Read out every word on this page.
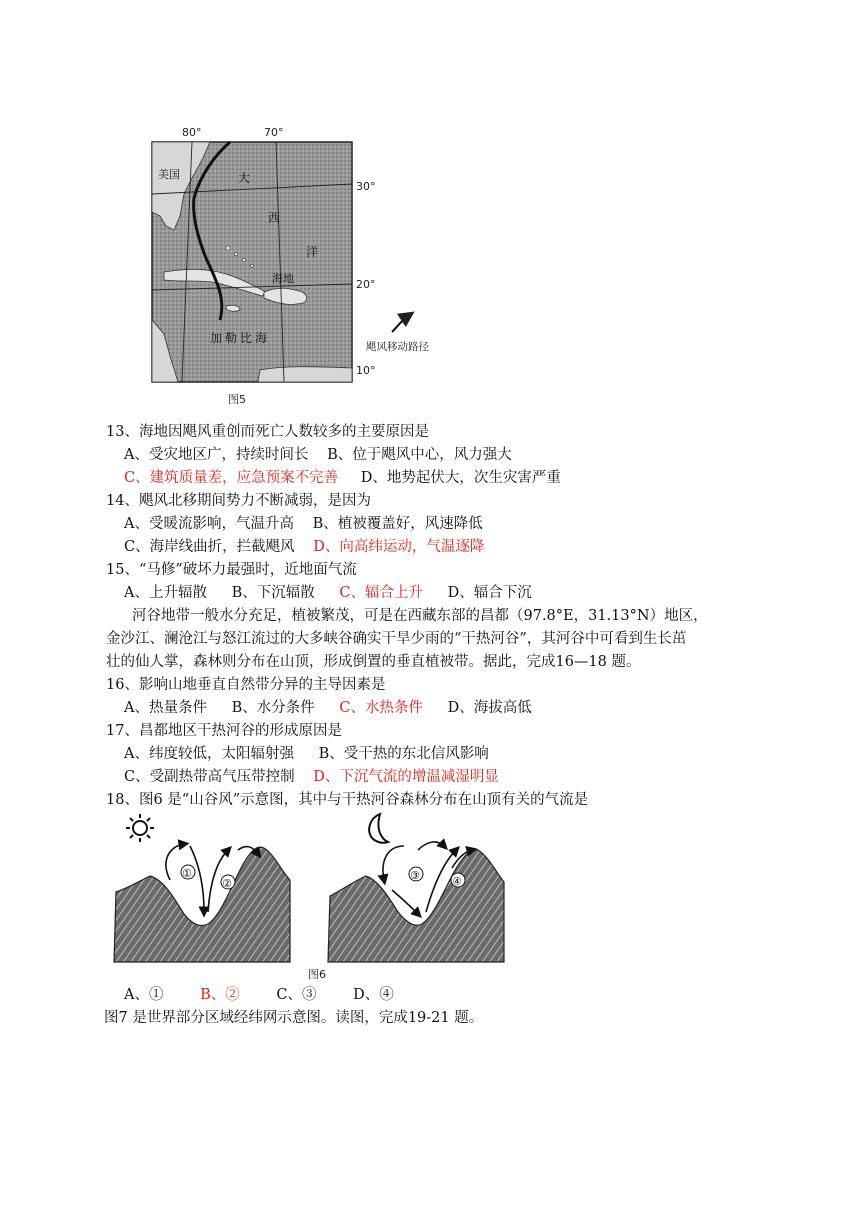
80°	70°
30°
20°
10°
美国	大
西
洋
海地
加勒比海
飓风移动路径
图5
13、海地因飓风重创而死亡人数较多的主要原因是
A、受灾地区广，持续时间长 B、位于飓风中心，风力强大
C、建筑质量差，应急预案不完善 D、地势起伏大，次生灾害严重
14、飓风北移期间势力不断减弱，是因为
A、受暖流影响，气温升高 B、植被覆盖好，风速降低
C、海岸线曲折，拦截飓风 D、向高纬运动，气温逐降
15、“马修”破坏力最强时，近地面气流
A、上升辐散 B、下沉辐散 C、辐合上升 D、辐合下沉
河谷地带一般水分充足，植被繁茂，可是在西藏东部的昌都（97.8°E，31.13°N）地区，
金沙江、澜沧江与怒江流过的大多峡谷确实干旱少雨的“干热河谷”，其河谷中可看到生长茁
壮的仙人掌，森林则分布在山顶，形成倒置的垂直植被带。据此，完成16—18 题。
16、影响山地垂直自然带分异的主导因素是
A、热量条件 B、水分条件 C、水热条件 D、海拔高低
17、昌都地区干热河谷的形成原因是
A、纬度较低，太阳辐射强 B、受干热的东北信风影响
C、受副热带高气压带控制 D、下沉气流的增温减湿明显
18、图6 是“山谷风”示意图，其中与干热河谷森林分布在山顶有关的气流是
①
②
③	④
图6
A、①	B、②	C、③	D、④
图7 是世界部分区域经纬网示意图。读图，完成19-21 题。
